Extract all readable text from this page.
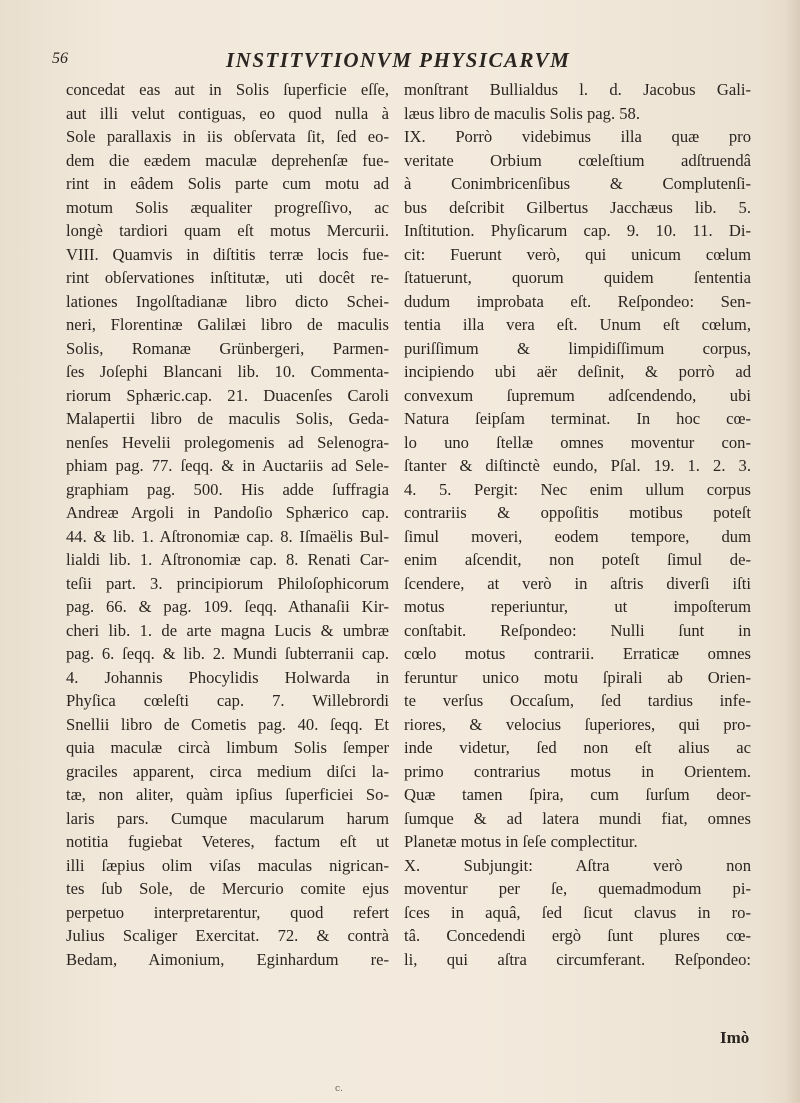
56	INSTITVTIONVM PHYSICARVM
concedat eas aut in Solis ſuperficie eſſe,
aut illi velut contiguas, eo quod nulla à
Sole parallaxis in iis obſervata ſit, ſed eo-
dem die eædem maculæ deprehenſæ fue-
rint in eâdem Solis parte cum motu ad
motum Solis æqualiter progreſſivo, ac
longè tardiori quam eſt motus Mercurii.
VIII. Quamvis in diſtitis terræ locis fue-
rint obſervationes inſtitutæ, uti docêt re-
lationes Ingolſtadianæ libro dicto Schei-
neri, Florentinæ Galilæi libro de maculis
Solis, Romanæ Grünbergeri, Parmen-
ſes Joſephi Blancani lib. 10. Commenta-
riorum Sphæric.cap. 21. Duacenſes Caroli
Malapertii libro de maculis Solis, Geda-
nenſes Hevelii prolegomenis ad Selenogra-
phiam pag. 77. ſeqq. & in Auctariis ad Sele-
graphiam pag. 500. His adde ſuffragia
Andreæ Argoli in Pandoſio Sphærico cap.
44. & lib. 1. Aſtronomiæ cap. 8. Iſmaëlis Bul-
lialdi lib. 1. Aſtronomiæ cap. 8. Renati Car-
teſii part. 3. principiorum Philoſophicorum
pag. 66. & pag. 109. ſeqq. Athanaſii Kir-
cheri lib. 1. de arte magna Lucis & umbræ
pag. 6. ſeqq. & lib. 2. Mundi ſubterranii cap.
4. Johannis Phocylidis Holwarda in
Phyſica cœleſti cap. 7. Willebrordi
Snellii libro de Cometis pag. 40. ſeqq. Et
quia maculæ circà limbum Solis ſemper
graciles apparent, circa medium diſci la-
tæ, non aliter, quàm ipſius ſuperficiei So-
laris pars. Cumque macularum harum
notitia fugiebat Veteres, factum eſt ut
illi ſæpius olim viſas maculas nigrican-
tes ſub Sole, de Mercurio comite ejus
perpetuo interpretarentur, quod refert
Julius Scaliger Exercitat. 72. & contrà
Bedam, Aimonium, Eginhardum re-
monſtrant Bullialdus l. d. Jacobus Gali-
læus libro de maculis Solis pag. 58.
IX. Porrò videbimus illa quæ pro
veritate Orbium cœleſtium adſtruendâ
à Conimbricenſibus & Complutenſi-
bus deſcribit Gilbertus Jacchæus lib. 5.
Inſtitution. Phyſicarum cap. 9. 10. 11. Di-
cit: Fuerunt verò, qui unicum cœlum
ſtatuerunt, quorum quidem ſententia
dudum improbata eſt. Reſpondeo: Sen-
tentia illa vera eſt. Unum eſt cœlum,
puriſſimum & limpidiſſimum corpus,
incipiendo ubi aër deſinit, & porrò ad
convexum ſupremum adſcendendo, ubi
Natura ſeipſam terminat. In hoc cœ-
lo uno ſtellæ omnes moventur con-
ſtanter & diſtinctè eundo, Pſal. 19. 1. 2. 3.
4. 5. Pergit: Nec enim ullum corpus
contrariis & oppoſitis motibus poteſt
ſimul moveri, eodem tempore, dum
enim aſcendit, non poteſt ſimul de-
ſcendere, at verò in aſtris diverſi iſti
motus reperiuntur, ut impoſterum
conſtabit. Reſpondeo: Nulli ſunt in
cœlo motus contrarii. Erraticæ omnes
feruntur unico motu ſpirali ab Orien-
te verſus Occaſum, ſed tardius infe-
riores, & velocius ſuperiores, qui pro-
inde videtur, ſed non eſt alius ac
primo contrarius motus in Orientem.
Quæ tamen ſpira, cum ſurſum deor-
ſumque & ad latera mundi fiat, omnes
Planetæ motus in ſeſe complectitur.
X. Subjungit: Aſtra verò non
moventur per ſe, quemadmodum pi-
ſces in aquâ, ſed ſicut clavus in ro-
tâ. Concedendi ergò ſunt plures cœ-
li, qui aſtra circumferant. Reſpondeo:
Imò
c.
